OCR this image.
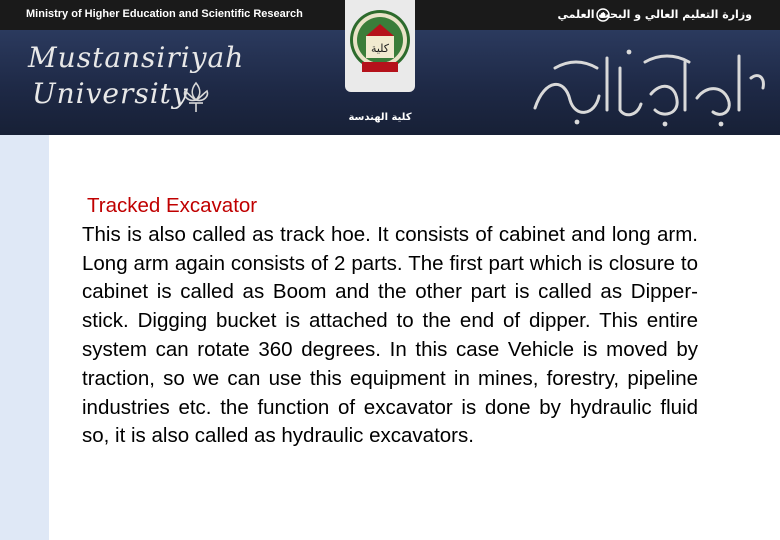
Ministry of Higher Education and Scientific Research	وزارة التعليم العالي و البحث العلمي
Mustansiriyah
University
كلية
كلية الهندسة
Tracked Excavator
This is also called as track hoe. It consists of cabinet and long arm. Long arm again consists of 2 parts. The first part which is closure to cabinet is called as Boom and the other part is called as Dipper-stick. Digging bucket is attached to the end of dipper. This entire system can rotate 360 degrees. In this case Vehicle is moved by traction, so we can use this equipment in mines, forestry, pipeline industries etc. the function of excavator is done by hydraulic fluid so, it is also called as hydraulic excavators.
